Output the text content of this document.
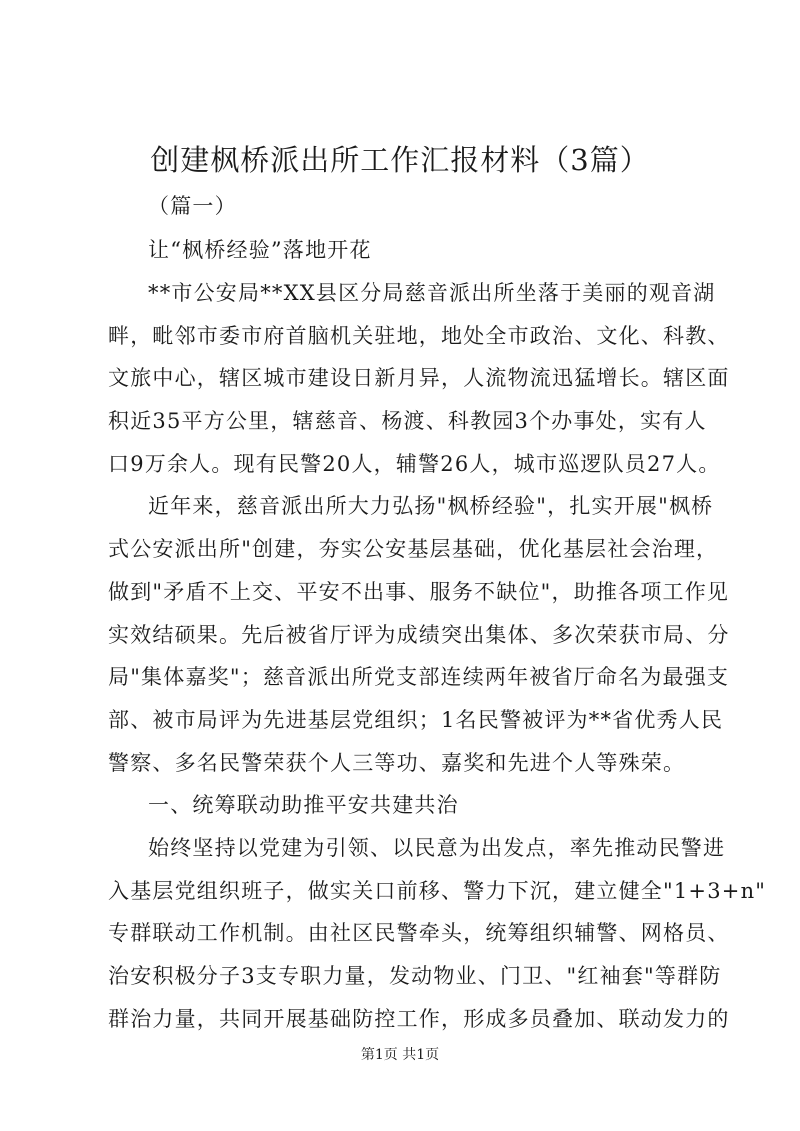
创建枫桥派出所工作汇报材料（3篇）
（篇一）
让“枫桥经验”落地开花
**市公安局**XX县区分局慈音派出所坐落于美丽的观音湖
畔，毗邻市委市府首脑机关驻地，地处全市政治、文化、科教、
文旅中心，辖区城市建设日新月异，人流物流迅猛增长。辖区面
积近35平方公里，辖慈音、杨渡、科教园3个办事处，实有人
口9万余人。现有民警20人，辅警26人，城市巡逻队员27人。
近年来，慈音派出所大力弘扬"枫桥经验"，扎实开展"枫桥
式公安派出所"创建，夯实公安基层基础，优化基层社会治理，
做到"矛盾不上交、平安不出事、服务不缺位"，助推各项工作见
实效结硕果。先后被省厅评为成绩突出集体、多次荣获市局、分
局"集体嘉奖"；慈音派出所党支部连续两年被省厅命名为最强支
部、被市局评为先进基层党组织；1名民警被评为**省优秀人民
警察、多名民警荣获个人三等功、嘉奖和先进个人等殊荣。
一、统筹联动助推平安共建共治
始终坚持以党建为引领、以民意为出发点，率先推动民警进
入基层党组织班子，做实关口前移、警力下沉，建立健全"1+3+n"
专群联动工作机制。由社区民警牵头，统筹组织辅警、网格员、
治安积极分子3支专职力量，发动物业、门卫、"红袖套"等群防
群治力量，共同开展基础防控工作，形成多员叠加、联动发力的
第1页 共1页
